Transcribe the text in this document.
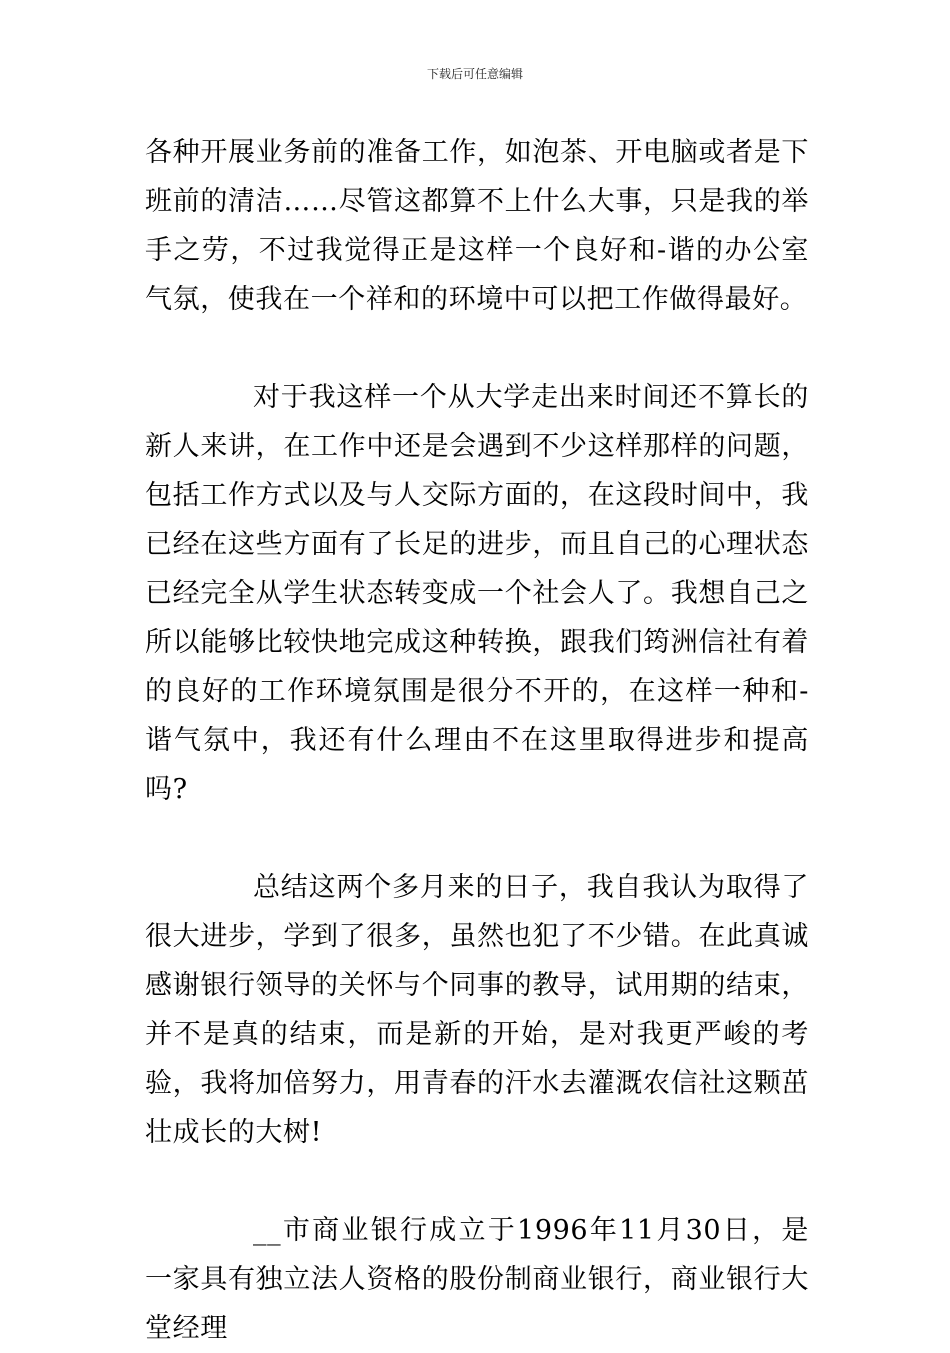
下载后可任意编辑

各种开展业务前的准备工作，如泡茶、开电脑或者是下班前的清洁……尽管这都算不上什么大事，只是我的举手之劳，不过我觉得正是这样一个良好和-谐的办公室气氛，使我在一个祥和的环境中可以把工作做得最好。

对于我这样一个从大学走出来时间还不算长的新人来讲，在工作中还是会遇到不少这样那样的问题，包括工作方式以及与人交际方面的，在这段时间中，我已经在这些方面有了长足的进步，而且自己的心理状态已经完全从学生状态转变成一个社会人了。我想自己之所以能够比较快地完成这种转换，跟我们筠洲信社有着的良好的工作环境氛围是很分不开的，在这样一种和-谐气氛中，我还有什么理由不在这里取得进步和提高吗?

总结这两个多月来的日子，我自我认为取得了很大进步，学到了很多，虽然也犯了不少错。在此真诚感谢银行领导的关怀与个同事的教导，试用期的结束，并不是真的结束，而是新的开始，是对我更严峻的考验，我将加倍努力，用青春的汗水去灌溉农信社这颗茁壮成长的大树!

__市商业银行成立于1996年11月30日，是一家具有独立法人资格的股份制商业银行，商业银行大堂经理
